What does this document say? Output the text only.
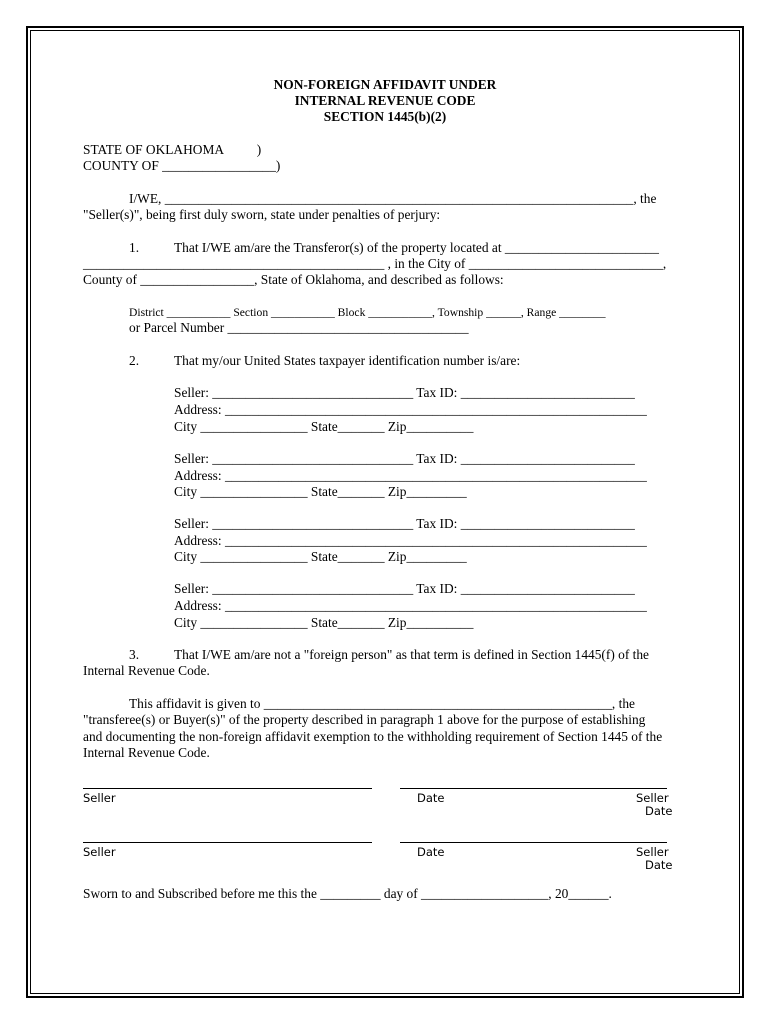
NON-FOREIGN AFFIDAVIT UNDER
INTERNAL REVENUE CODE
SECTION 1445(b)(2)
STATE OF OKLAHOMA          )
COUNTY OF _________________)
I/WE, ______________________________________________________________________, the
"Seller(s)", being first duly sworn, state under penalties of perjury:
1.	That I/WE am/are the Transferor(s) of the property located at _______________________
_____________________________________________ , in the City of _____________________________,
County of _________________, State of Oklahoma, and described as follows:
District ___________ Section ___________ Block ___________, Township ______, Range ________
or Parcel Number ____________________________________
2.	That my/our United States taxpayer identification number is/are:
Seller: ______________________________ Tax ID: __________________________
Address: _______________________________________________________________
City ________________ State_______ Zip__________
Seller: ______________________________ Tax ID: __________________________
Address: _______________________________________________________________
City ________________ State_______ Zip_________
Seller: ______________________________ Tax ID: __________________________
Address: _______________________________________________________________
City ________________ State_______ Zip_________
Seller: ______________________________ Tax ID: __________________________
Address: _______________________________________________________________
City ________________ State_______ Zip__________
3.	That I/WE am/are not a "foreign person" as that term is defined in Section 1445(f) of the
Internal Revenue Code.
This affidavit is given to ____________________________________________________, the
"transferee(s) or Buyer(s)" of the property described in paragraph 1 above for the purpose of establishing
and documenting the non-foreign affidavit exemption to the withholding requirement of Section 1445 of the
Internal Revenue Code.
Seller	Date	Seller
Date
Seller	Date	Seller
Date
Sworn to and Subscribed before me this the _________ day of ___________________, 20______.
